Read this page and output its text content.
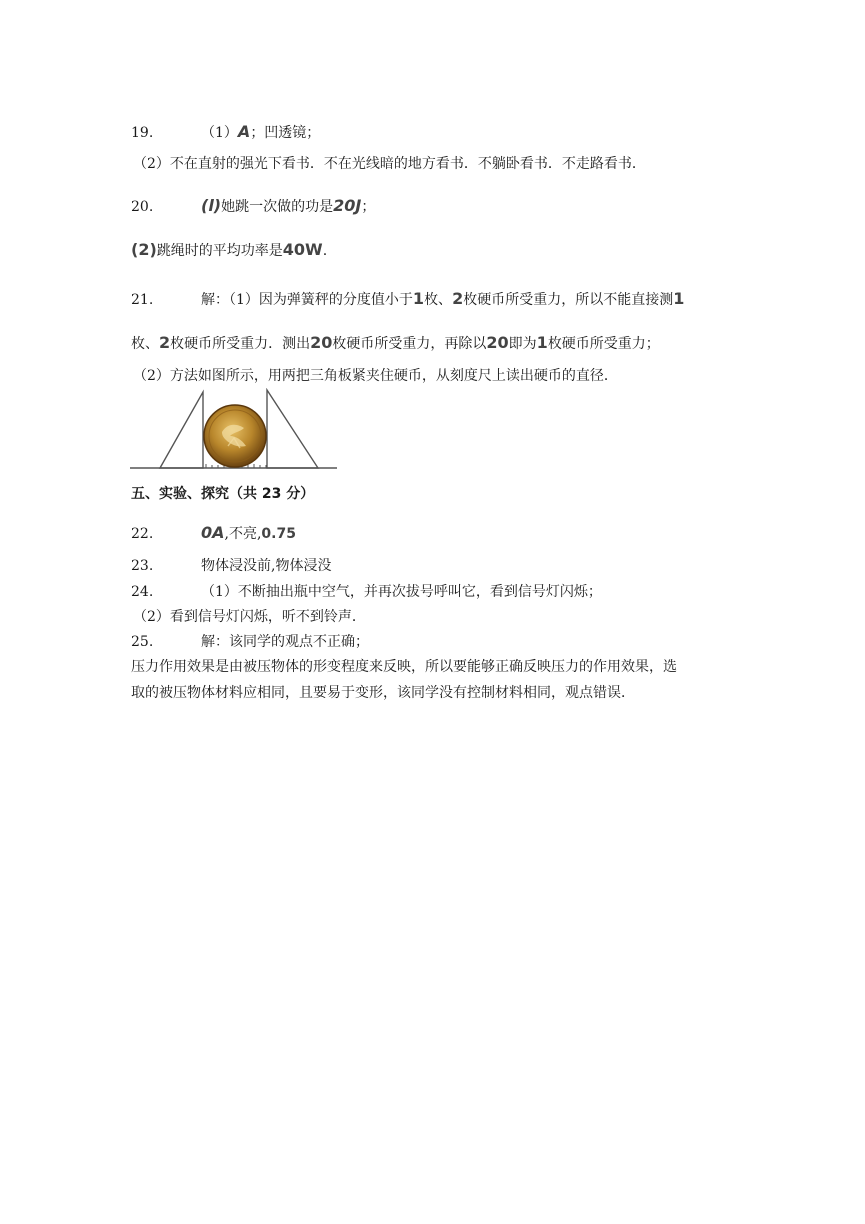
19.	（1）A；凹透镜；
（2）不在直射的强光下看书．不在光线暗的地方看书．不躺卧看书．不走路看书．
20.	(l)她跳一次做的功是20J；
(2)跳绳时的平均功率是40W.
21.	解：（1）因为弹簧秤的分度值小于1枚、2枚硬币所受重力，所以不能直接测1
枚、2枚硬币所受重力．测出20枚硬币所受重力，再除以20即为1枚硬币所受重力；
（2）方法如图所示，用两把三角板紧夹住硬币，从刻度尺上读出硬币的直径．
五、实验、探究（共 23 分）
22.	0A,不亮,0.75
23.	物体浸没前,物体浸没
24.	（1）不断抽出瓶中空气，并再次拔号呼叫它，看到信号灯闪烁；
（2）看到信号灯闪烁，听不到铃声．
25.	解：该同学的观点不正确；
压力作用效果是由被压物体的形变程度来反映，所以要能够正确反映压力的作用效果，选
取的被压物体材料应相同，且要易于变形，该同学没有控制材料相同，观点错误．
